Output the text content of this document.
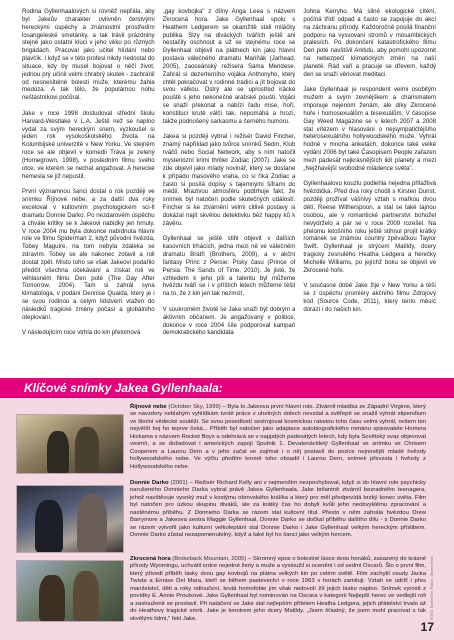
Rodina Gyllenhaalových si rovněž nepřála, aby byl Jakeův charakter ovlivněn čerstvými hereckými úspěchy a známostmi prostředím losangeleské smetánky, a tak trávil prázdniny stejně jako ostatní kluci v jeho věku po různých brigádách. Pracoval jako učitel hlídání nebo plavčík. I když se v této profesi nikdy nedostal do situace, kdy by musel bojovat o něčí život, jednou prý učinil velmi chrabrý skutek - zachránil od nesnesitelné bolesti muže, kterému žahla medúza. A tak tělo, že populárnou nohu neštastníkovi počůral.

Jake v roce 1998 dostudoval střední školu Harvard-Westlake v L.A. Ještě než se naplno vydal za svým hereckým snem, vyzkoušel si jeden rok vysokoškolského života na Kolumbijské univerzitě v New Yorku. Ve stejném roce se ale objevil v komedii Tráva je zelený (Homegrown, 1998), v posledním filmu svého otce, ve kterém se nechal angažovat. A herecké hemesla se již nepustil.

První významnou šanci dostal o rok později ve snímku Říjnové nebe, a za další dva roky exceloval v kultovním psychologickém sci-fi dramatu Donnie Darko. Po nezdarovém úspěchu a chvále kritiky se k Jakeovi nabídky jen hrnuly. V roce 2004 mu byla dokonce nabídnuta hlavní role ve filmu Spiderman 2, když původní hvězda, Tobey Maguire, na tom nebyla zdaleka se zdravím. Tobey se ale nakonec zotavil a roli dostat zpět. Místo toho se však Jakeovi podařilo předčit všechna očekávání a získat roli ve věhlasném filmu Den poté (The Day After Tomorrow, 2004). Tam si zahrál syna klimatologa, v podání Dennise Quaida, který je i se svou rodinou a celým lidstvem vtažen do následků tragické změny počasí a globálního oteplování.

V následujícím roce vtrhla do kin přelomová

„gay kovbojka" z dílny Anga Leea s názvem Zkrocená hora. Jake Gyllenhaal spolu s Heathem Ledgerem se okamžitě stali miláčky publika. Slzy na diváckých tvářích ještě ani nestačily oschnout a už se stejnému roce se Gyllenhaal objevil na plátnech kin jako hlavní postava válečného dramatu Mariňák (Jarhead, 2005), zaoceánský režisera Sama Mendese. Zahrál si dezerterního vojáka Anthonyho, který chtěl pokračovat v rodinné tradici a jít bojovat do svou válkou. Ostrý ale se uprostřed irácké pouště s jeho nekonečné arabské poušti. Vojáci se snaží překonat a nabízí řadu mise, hoří, konstituci krutě válčí tak, nepomáhá a hrozí, takže podnošený sarkasmu a černého humoru.

Jakea si později vybral i režisér David Fincher, známý například jako tvůrce snímků Sedm, Klub rváčů nebo Social Network, aby s ním natočil mysteriózní krimi thriller Zodiac (2007). Jake se zde objevil jako mladý novinář, který se dostane k případu masového vraha, co si říká Zodiac a často si posílá dopisy s tajemnými šiframi do médií. Mrazivou atmosféru podtrhuje fakt, že snímek byl natočen podle skutečných událostí. Fincher si ke ztvárnění velmi citlivé postavy si dokázal najít skvělou detektivku bez happy ků k závěru.

Gyllenhaal se ještě stihl objevit v dalších kasovních trhácích, jedna mezi ně ve válečném dramatu Bratři (Brothers, 2009), a v akční fantasy Princ z Persie: Písky času (Prince of Persia: The Sands of Time, 2010). Je jisté, že vzhledem k jeho píli a talentu byl můžeme hvězdu tváří se i v příštích letech můžeme těšit na to, že z kin jen tak nezmizí.

V soukromém životě se Jake snaží být dobrým a aktivním občanem. Je angažovaný v politice, dokonce v roce 2004 šíle podporoval kampaň demokratického kandidáta

Johna Kerryho. Má silné ekologické cítění, počíná třídí odpad a často se zapojuje do akcí na záchranu přírody. Každoročně posílá finanční podporu na vysvovaní stromů v mosambických pralesích. Po dokončení katastrofického filmu Den poté navštívil Arktidu, aby pomohl upozornit na nebezpečí klimatických změn na naší planetě. Rád vaří a pracuje se dřevem, každý den se snaží věnovat meditaci.

Jake Gyllenhaal je respondent velmi osobitým mužem a svým zevnějškem a charismatem imponuje nejenom ženám, ale díky Zkrocené hoře i homosexuálům a bisexuálům. V časopise Gay Weed Magazine se v letech 2007 a 2008 stal vítězem v hlasování o nejsympatičtějšího heterosexuálního hollywoodského muže. Vyhrál hodně v mnoha anketách, dokonce také velké vydání 2006 byl také Časopisem People zařazen mezi padesát nejkrásnějších lidí planety a mezi „Nejžhavější svobodné mládence světa".

Gyllenhaalovu kouzlu podlehla nejedna přitažlivá hvězdička. Před dva roky chodil s Kirsten Dunst, později prožíval vášnivý vztah s mařkou dvou dětí, Reese Witherspoon, a stal se také tajnou osobou, ale v romantické partnerství bohužel nevydrželo a pár se v roce 2009 rozešel. Na přelomu letošního roku ještě stihnul projít krátký románek se známou country zpěvačkou Taylor Swift. Gyllenhaal je strýcem Matildy, dcery tragicky zesnulého Heatha Ledgera a herečky Michelle Williams, po jejíchž boku se objevil ve Zkrocené hoře.

V současné době Jake žije v New Yorku a těší se z úspěchu promiéry akčního filmu Zdrojový kód (Source Code, 2011), který tento měsíc dorazí i do našich kin.

Klíčové snímky Jakea Gyllenhaala:
Říjnové nebe (October Sky, 1999) – Byla to Jakeova první hlavní role. Ztvárnil mladíka ze Západní Virginie, který se navzdory neblahým vyhlídkám tvrdé práce v uhelných dolech nevzdal a svěřepě se snažil vyhrát stipendium ve školní vědecké soutěži. Se svou posedlostí sestrojovat kosmickou raketou toho času velmi vyhrál, ovšem ten největší boj ho teprve čeká... Příběh byl natočen jako adaptace autobiografického románu spisovatele Homera Hickama s názvem Rocket Boys a odehrává se v napjatých padesátých letech, kdy byla Sovětský svaz objevovat vesmír, a se dožadovat i amerických zapojí Sputnik 1. Devatenáctiletý Gyllenhaal ve snímku ve Chrisem Cooperem a Laurou Dern a v jeho začal se zajímat i o něj postavil do pozice nejnovější mladé hvězdy hollywoodského nebe. Ve výčtu předtím kromě toho obsadil i Laurou Dern, snímek převzala i hvězdy z Hollywoodského nebe.
Donnie Darko (2001) – Režisér Richard Kelly ani v nejmenším nezpochyboval, když si do hlavní role psychicky narušeného Donnieho Darka vybral právě Jakea Gyllenhaala. Jake brilantně ztvárnil bezradného teenagera, jehož navštěvuje vysoký muž v kostýmu obrovského králíka a který pro měl předpovídá brzký konec světa. Film byl natočen pro úzkou skupinu diváků, ale za krátký čas ho dobyli kvůli jeho neobvyklému zpracování a nastěnému příběhu. Z Donnieho Darka se rázem stal kultovní titul. Přesto v něm zahrála hvězdou Drew Barrymore a Jakeova sestra Maggie Gyllenhaal, Donnie Darko se dočkal příběhu dalšího dílu - s Donnie Darko se rázem vytvořil jako kulturní velkoleptání stal Donnie Darko i Jake Gyllenhaal velkým hereckým příslibem. Donnie Darko zůstal nezapomenutelný, když a také byl ho šanci jako velkým hercem.
Zkrocená hora (Brokeback Mountain, 2005) – Skromný epos o bolestné lásce dvou honáků, zasazený do krásné přírody Wyomingu, uchvátil srdce nejedné ženy a muže a vysloužil si ocenění i od sedmi Oscarů. Šlo o první film, který přivedl příběh lásky dvou gay kovbojů na plátna velkých kin po celém světě. Film zachytil osudy Jacka Twista a Ennise Del Mara, kteří se během pastevectví v roce 1963 v horách zamilují. Vztah se udrží i přes manželství, děti a roky odloučení, krutá homofobie jim však nedovolí žít jejich lásku naplno. Snímek vyrostl z povídky E. Annie Proulxové. Jake Gyllenhaal byl nominován na Oscara v kategorii Nejlepší herec ve vedlejší roli a zaslouženě se proslavil. Při natáčení se Jake stal nejlepším přítelem Heatha Ledgera, jejich přátelství trvalo až do Heathovy tragické smrti. Jake je kmotrem jeho dcery Matildy. „Jsem šťastný, že jsem mohl pracovat s tak skvělými lidmi," řekl Jake.	FOTO: Bontonfilm, Falcon, Warner Bros
17
